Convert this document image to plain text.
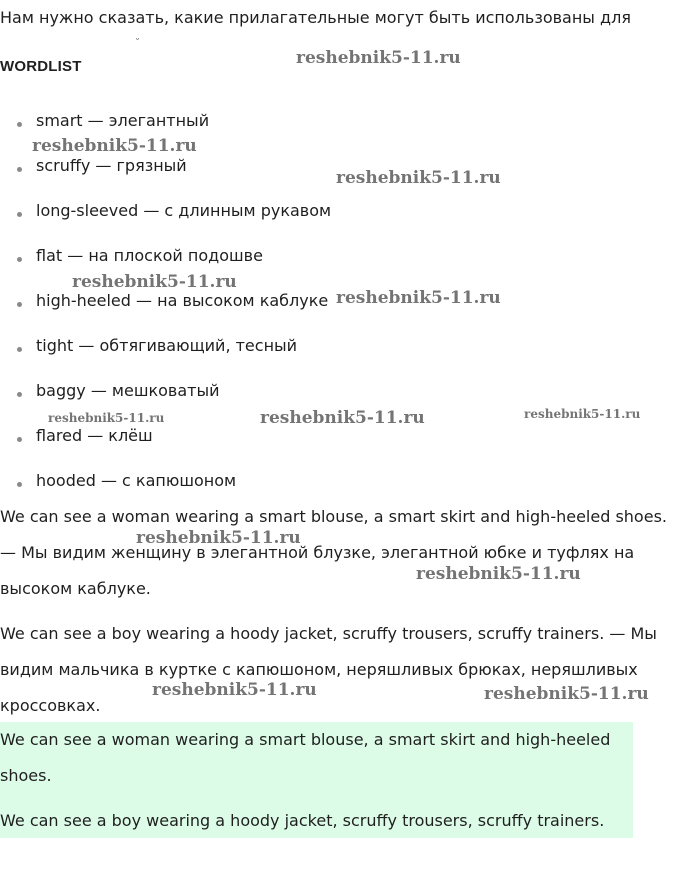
Нам нужно сказать, какие прилагательные могут быть использованы для

˘
WORDLIST
smart — элегантный
scruffy — грязный
long-sleeved — с длинным рукавом
flat — на плоской подошве
high-heeled — на высоком каблуке
tight — обтягивающий, тесный
baggy — мешковатый
flared — клёш
hooded — с капюшоном

We can see a woman wearing a smart blouse, a smart skirt and high-heeled shoes. — Мы видим женщину в элегантной блузке, элегантной юбке и туфлях на высоком каблуке.

We can see a boy wearing a hoody jacket, scruffy trousers, scruffy trainers. — Мы видим мальчика в куртке с капюшоном, неряшливых брюках, неряшливых кроссовках.

We can see a woman wearing a smart blouse, a smart skirt and high-heeled shoes.

We can see a boy wearing a hoody jacket, scruffy trousers, scruffy trainers.

reshebnik5-11.ru
reshebnik5-11.ru
reshebnik5-11.ru
reshebnik5-11.ru
reshebnik5-11.ru
reshebnik5-11.ru	reshebnik5-11.ru	reshebnik5-11.ru
reshebnik5-11.ru
reshebnik5-11.ru
reshebnik5-11.ru	reshebnik5-11.ru
